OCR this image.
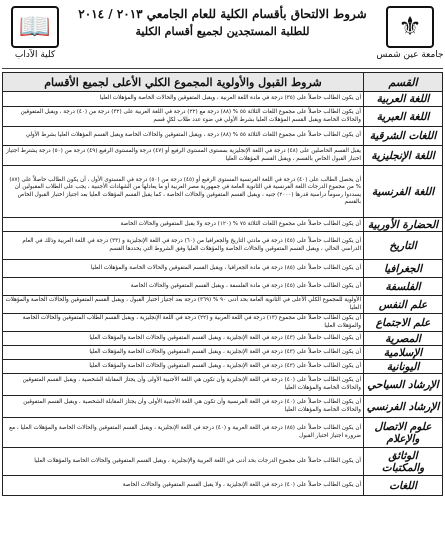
⚜
جامعة عين شمس
شروط الالتحاق بأقسام الكلية للعام الجامعي ٢٠١٣ / ٢٠١٤
للطلبة المستجدين لجميع أقسام الكلية
📖
كلية الآداب
القسم	شروط القبول والأولوية المجموع الكلي الأعلى لجميع الأقسام
اللغة العربية	أن يكون الطالب حاصلاً على (٣٥) درجة في مادة اللغة العربية ، ويقبل المتفوقين والحالات الخاصة والمؤهلات العليا
اللغة العبرية	أن يكون الطالب حاصلاً على مجموع اللغات الثلاثة ٥٥ % (٨٨) درجة مع (٢٢) درجة في اللغة العربية على (٣٢) درجة من (٤٠) درجة ، ويقبل المتفوقين والحالات الخاصة ويقبل القسم المؤهلات العليا بشرط الأولي في ضوء عدد طلاب لكلٍ قسم
اللغات الشرقية	أن يكون الطالب حاصلاً على مجموع اللغات الثلاثة ٥٥ % (٨٨) درجة ، ويقبل المتفوقين والحالات الخاصة ويقبل القسم المؤهلات العليا بشرط الأولي
اللغة الإنجليزية	يقبل القسم الحاصلين على (٤٨) درجة في اللغة الإنجليزية بمستوى المستوى الرفيع أو (٤٧) درجة والمستوى الرفيع (٤٩) درجة من (٥٠) درجة يشترط اجتياز اختبار القبول الخاص بالقسم ، ويقبل القسم المؤهلات العليا
اللغة الفرنسية	أن يحصل الطالب على (٤٠) درجة في اللغة الفرنسية المستوى الرفيع أو (٤٥) درجة من (٥٠) درجة في المستوى الأول ، أن يكون الطالب حاصلاً على (٨٧) % من مجموع الدرجات اللغة الفرنسية في الثانوية العامة في جمهورية مصر العربية أو ما يعادلها من الشهادات الأجنبية ، يجب على الطلاب المقبولين أن يسددوا رسوماً دراسية قدرها (٢٠٠٠) جنيه ، ويقبل القسم المتفوقين والحالات الخاصة ، كما يقبل القسم المؤهلات العليا بعد اجتياز اختبار القبول الخاص بالقسم
الحضارة الأوربية	أن يكون الطالب حاصلاً على مجموع اللغات الثلاثة ٧٥ % (١٢٠) درجة ولا يقبل المتفوقين والحالات الخاصة
التاريخ	أن يكون الطالب حاصلاً على (٤٥) درجة في مادتي التاريخ والجغرافيا من (٦٠) درجة في اللغة الإنجليزية و (٣٣) درجة في اللغة العربية وذلك في العام الدراسي الحالي ، ويقبل القسم المتفوقين والحالات الخاصة والمؤهلات العليا وفق الشروط التي يحددها القسم
الجغرافيا	أن يكون الطالب حاصلاً على (٨٥) درجة في مادة الجغرافيا ، ويقبل القسم المتفوقين والحالات الخاصة والمؤهلات العليا
الفلسفة	أن يكون الطالب حاصلاً على (٤٥) درجة في مادة الفلسفة ، ويقبل القسم المتفوقين والحالات الخاصة
علم النفس	الأولوية للمجموع الكلي الأعلى في الثانوية العامة بحد أدنى ٩٠ % (٣٦٩) درجة بعد اجتياز اختبار القبول ، ويقبل القسم المتفوقين والحالات الخاصة والمؤهلات العليا
علم الاجتماع	أن يكون الطالب حاصلاً على مجموع (١٣) درجة في اللغة العربية و (٢٢) درجة في اللغة الإنجليزية ، ويقبل القسم الطلاب المتفوقين والحالات الخاصة والمؤهلات العليا
المصرية	أن يكون الطالب حاصلاً على (٤٣) درجة في اللغة الإنجليزية ، ويقبل القسم المتفوقين والحالات الخاصة والمؤهلات العليا
الإسلامية	أن يكون الطالب حاصلاً على (٤٣) درجة في اللغة الإنجليزية ، ويقبل القسم المتفوقين والحالات الخاصة والمؤهلات العليا
اليونانية	أن يكون الطالب حاصلاً على (٤٣) درجة في اللغة الإنجليزية ، ويقبل القسم المتفوقين والحالات الخاصة والمؤهلات العليا
الإرشاد السياحي	أن يكون الطالب حاصلاً على (٤٠) درجة في اللغة الإنجليزية وأن تكون هي اللغة الأجنبية الأولى وأن يجتاز المقابلة الشخصية ، ويقبل القسم المتفوقين والحالات الخاصة والمؤهلات العليا
الإرشاد الفرنسي	أن يكون الطالب حاصلاً على (٤٠) درجة في اللغة الفرنسية وأن تكون هي اللغة الأجنبية الأولى وأن يجتاز المقابلة الشخصية ، ويقبل القسم المتفوقين والحالات الخاصة والمؤهلات العليا
علوم الاتصال والإعلام	أن يكون الطالب حاصلاً على (٨٥) درجة في اللغة العربية و (٤٠) درجة في اللغة الإنجليزية ، ويقبل القسم المتفوقين والحالات الخاصة والمؤهلات العليا ، مع ضرورة اجتياز اختبار القبول
الوثائق والمكتبات	أن يكون الطالب حاصلاً على مجموع الدرجات بحد أدنى في اللغة العربية والإنجليزية ، ويقبل القسم المتفوقين والحالات الخاصة والمؤهلات العليا
اللغات	أن يكون الطالب حاصلاً على (٤٠) درجة في اللغة الإنجليزية ، ولا يقبل القسم المتفوقين والحالات الخاصة
